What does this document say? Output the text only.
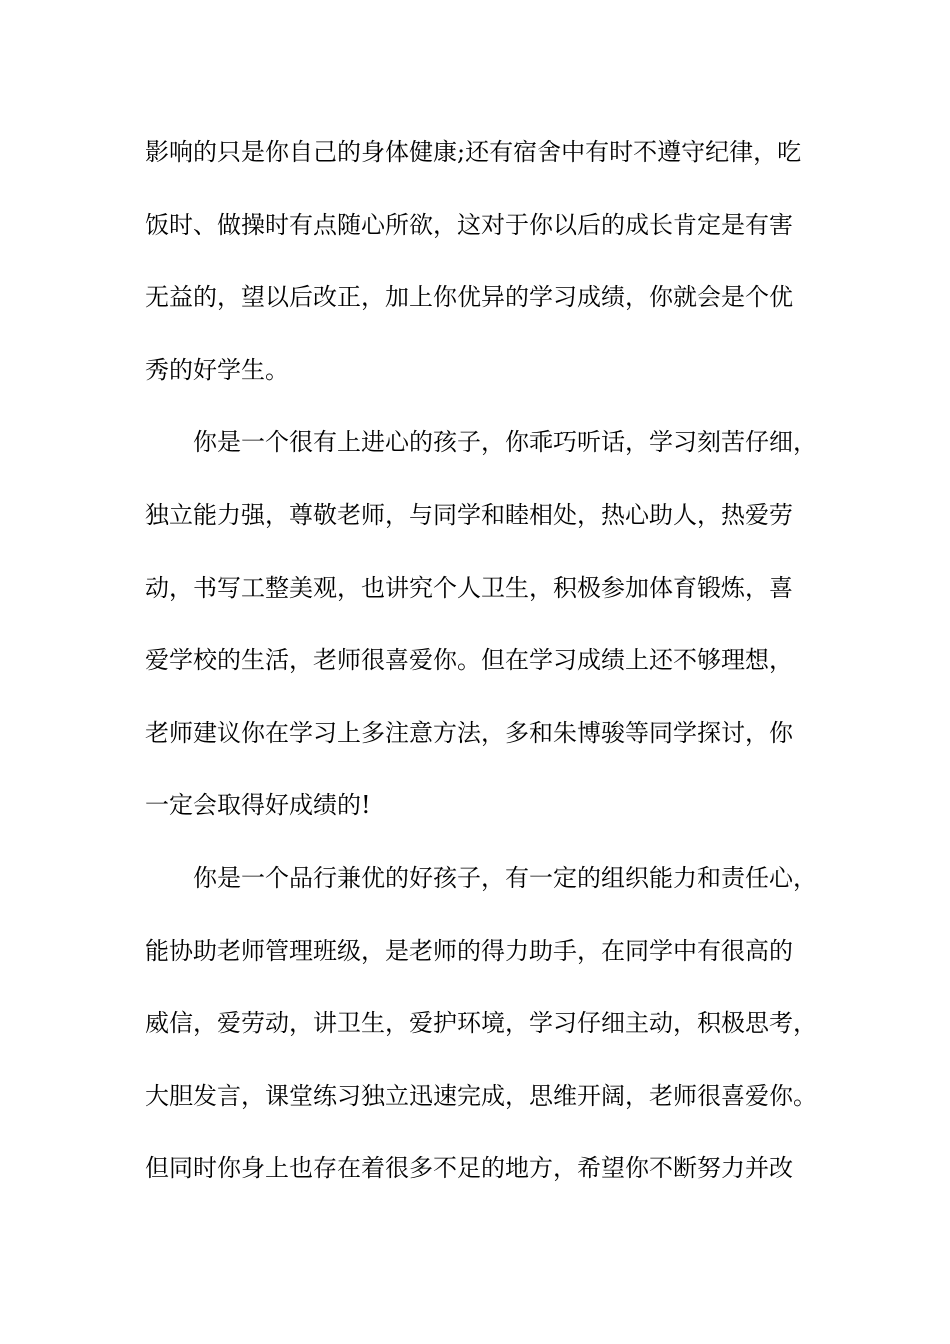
影响的只是你自己的身体健康;还有宿舍中有时不遵守纪律，吃
饭时、做操时有点随心所欲，这对于你以后的成长肯定是有害
无益的，望以后改正，加上你优异的学习成绩，你就会是个优
秀的好学生。
你是一个很有上进心的孩子，你乖巧听话，学习刻苦仔细，
独立能力强，尊敬老师，与同学和睦相处，热心助人，热爱劳
动，书写工整美观，也讲究个人卫生，积极参加体育锻炼，喜
爱学校的生活，老师很喜爱你。但在学习成绩上还不够理想，
老师建议你在学习上多注意方法，多和朱博骏等同学探讨，你
一定会取得好成绩的!
你是一个品行兼优的好孩子，有一定的组织能力和责任心，
能协助老师管理班级，是老师的得力助手，在同学中有很高的
威信，爱劳动，讲卫生，爱护环境，学习仔细主动，积极思考，
大胆发言，课堂练习独立迅速完成，思维开阔，老师很喜爱你。
但同时你身上也存在着很多不足的地方，希望你不断努力并改
